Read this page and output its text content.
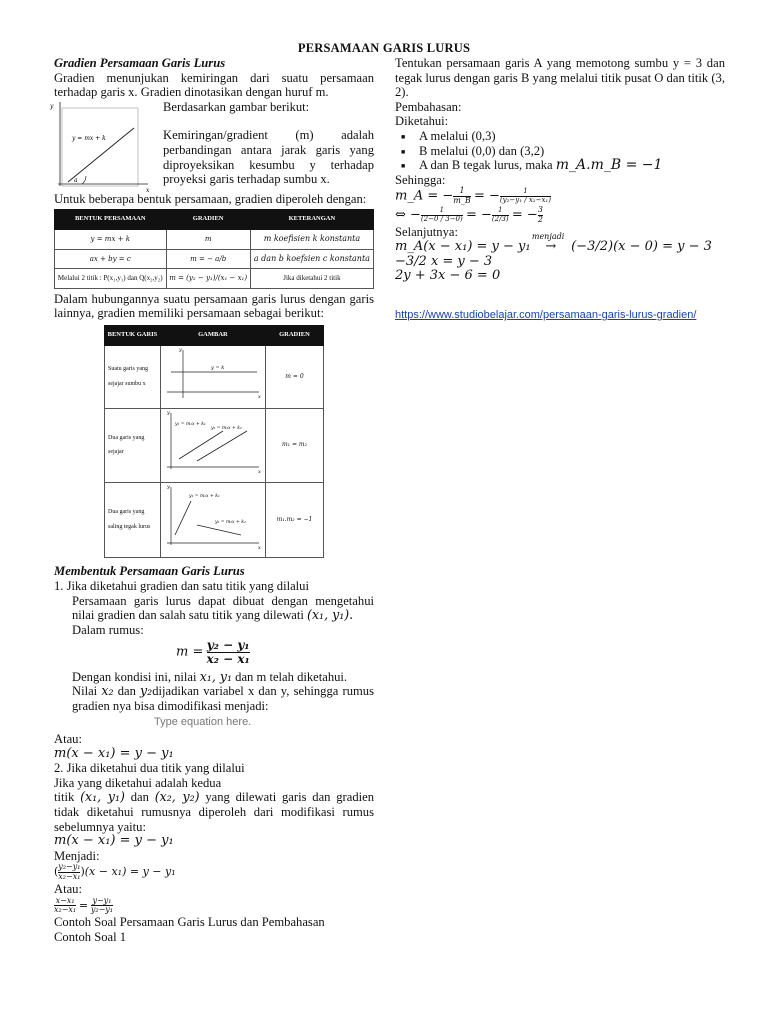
PERSAMAAN GARIS LURUS

Gradien Persamaan Garis Lurus

Gradien menunjukan kemiringan dari suatu persamaan terhadap garis x. Gradien dinotasikan dengan huruf m.

y
x
y = mx + k
a

Berdasarkan gambar berikut:

Kemiringan/gradient (m) adalah perbandingan antara jarak garis yang diproyeksikan kesumbu y terhadap proyeksi garis terhadap sumbu x.

Untuk beberapa bentuk persamaan, gradien diperoleh dengan:

BENTUK PERSAMAAN	GRADIEN	KETERANGAN
y = mx + k	m	m koefisien k konstanta
ax + by = c	m = − a/b	a dan b koefsien c konstanta
Melalui 2 titik : P(x₁,y₁) dan Q(x₂,y₂)	m = (y₂ − y₁)/(x₁ − x₁)	Jika diketahui 2 titik

Dalam hubungannya suatu persamaan garis lurus dengan garis lainnya, gradien memiliki persamaan sebagai berikut:

BENTUK GARIS	GAMBAR	GRADIEN
Suatu garis yang sejajar sumbu x	y
x
y = k	m = 0
Dua garis yang sejajar	y
x
y₁ = m₁x + k₁
y₂ = m₂x + k₂	m₁ = m₂
Dua garis yang saling tegak lurus	y
x
y₁ = m₁x + k₁
y₂ = m₂x + k₂	m₁.m₂ = −1

Membentuk Persamaan Garis Lurus

1. Jika diketahui gradien dan satu titik yang dilalui

Persamaan garis lurus dapat dibuat dengan mengetahui nilai gradien dan salah satu titik yang dilewati (x₁, y₁).

Dalam rumus:

$m = \frac{\text{y₂ − y₁}}{\text{x₂ − x₁}}$

Dengan kondisi ini, nilai x₁, y₁ dan m telah diketahui.

Nilai x₂ dan y₂dijadikan variabel x dan y, sehingga rumus gradien nya bisa dimodifikasi menjadi:

Type equation here.

Atau:

m(x − x₁) = y − y₁

2. Jika diketahui dua titik yang dilalui

Jika yang diketahui adalah kedua

titik (x₁, y₁) dan (x₂, y₂) yang dilewati garis dan gradien tidak diketahui rumusnya diperoleh dari modifikasi rumus sebelumnya yaitu:

m(x − x₁) = y − y₁

Menjadi:

( $\frac{\text{y₂−y₁}}{\text{x₂−x₁}} )(x - x_1) = y - y_1$

Atau:

$\frac{\text{x−x₁}}{\text{x₂−x₁}} = \frac{\text{y−y₁}}{\text{y₂−y₁}}$

Contoh Soal Persamaan Garis Lurus dan Pembahasan

Contoh Soal 1

Tentukan persamaan garis A yang memotong sumbu y = 3 dan tegak lurus dengan garis B yang melalui titik pusat O dan titik (3, 2).

Pembahasan:

Diketahui:

■ A melalui (0,3)
■ B melalui (0,0) dan (3,2)
■ A dan B tegak lurus, maka m_A.m_B = −1

Sehingga:

m_A = − $\frac{1}{m\_B}$ = − $\frac{1}{\text{(y₂−y₁ / x₂−x₁)}}$

⇔ − $\frac{1}{(2-0 / 3-0)}$ = − $\frac{1}{(2/3)}$ = − $\frac{3}{2}$

Selanjutnya:

m_A(x − x₁) = y − y₁
menjadi
→ (−3/2)(x − 0) = y − 3

−3/2 x = y − 3

2y + 3x − 6 = 0

https://www.studiobelajar.com/persamaan-garis-lurus-gradien/
